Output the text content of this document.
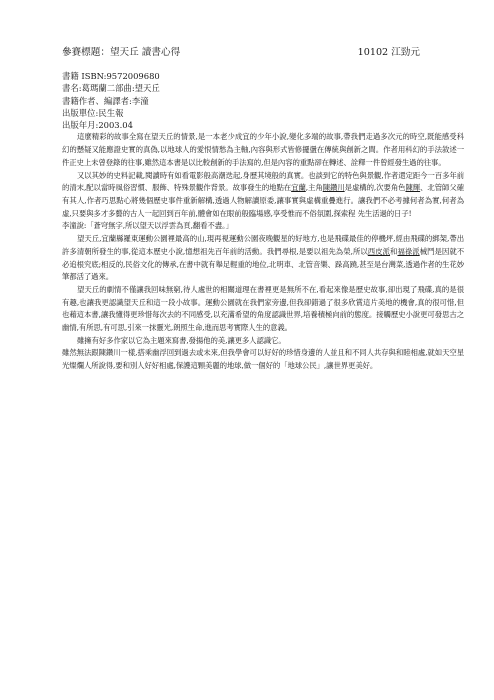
參賽標題：望天丘 讀書心得	10102 江勁元
書籍 ISBN:9572009680
書名:葛瑪蘭二部曲:望天丘
書籍作者、編譯者:李潼
出版單位:民生報
出版年月:2003.04
這麼精彩的故事全寫在望天丘的情景,是一本老少成宜的少年小說,變化多端的故事,帶我們走過多次元的時空,既能感受科幻的懸疑又能應證史實的真偽,以地球人的愛恨情愁為主軸,內容與形式皆修擺盪在傳統與創新之間。作者用科幻的手法敘述一件正史上未曾登錄的往事,雖然這本書是以比較創新的手法寫的,但是內容的重點卻在轉述、詮釋一件曾經發生過的往事。
又以其妙的史料記載,閱讀時有如看電影般高潮迭起,身歷其境般的真實。也談到它的特色與景觀,作者還定距今一百多年前的清末,配以當時風俗習慣、服飾、特殊景觀作背景。故事發生的地點在宜蘭,主角陳鑽川是虛構的,次要角色陳輝、北管師父確有其人,作者巧思點心將幾個歷史事件重新解構,透過人物解讀原委,讓事實與虛構重疊進行。讓我們不必考據何者為實,何者為虛,只要與多才多藝的古人一起回到百年前,體會如在眼前般臨場感,享受惟而不俗氛圍,探索程 先生活過的日子!
李潼說:「蒼穹無字,所以望天以浮雲為頁,翻看不盡。」
望天丘,宜蘭縣羅東運動公園裡最高的山,現再視運動公園夜晚觀星的好地方,也是飛碟最佳的停機坪,經由飛碟的綁架,帶出許多清朝所發生的事,從這本歷史小說,憶想祖先百年前的活動。我們尋根,是要以祖先為榮,所以西皮派和福祿派械鬥是因就不必追根究底;相反的,民俗文化的傳承,在書中就有舉足輕重的地位,北明車、北管音樂、跺高蹺,甚至是台灣菜,透過作者的生花妙筆都活了過來。
望天丘的劇情不僅讓我回味無窮,待人處世的相關道理在書裡更是無所不在,看起來像是歷史故事,卻出現了飛碟,真的是很有趣,也讓我更認識望天丘和這一段小故事。運動公園就在我們家旁邊,但我卻錯過了很多欣賞這片美地的機會,真的很可惜,但也藉這本書,讓我懂得更珍惜每次去的不同感受,以充滿希望的角度認識世界,培養積極向前的態度。接觸歷史小說更可發思古之幽情,有所思,有可思,引來一抹靈光,朗照生命,進而思考實際人生的意義。
雖擁有好多作家以它為主題來寫書,發揚他的美,讓更多人認識它。
雖然無法跟陳鑽川一樣,搭乘幽浮回到過去或未來,但我學會可以好好的珍惜身邊的人並且和不同人共存與和睦相處,就如天空星光燦爛人所說得,要和別人好好相處,保護這顆美麗的地球,做一個好的「地球公民」,讓世界更美好。
